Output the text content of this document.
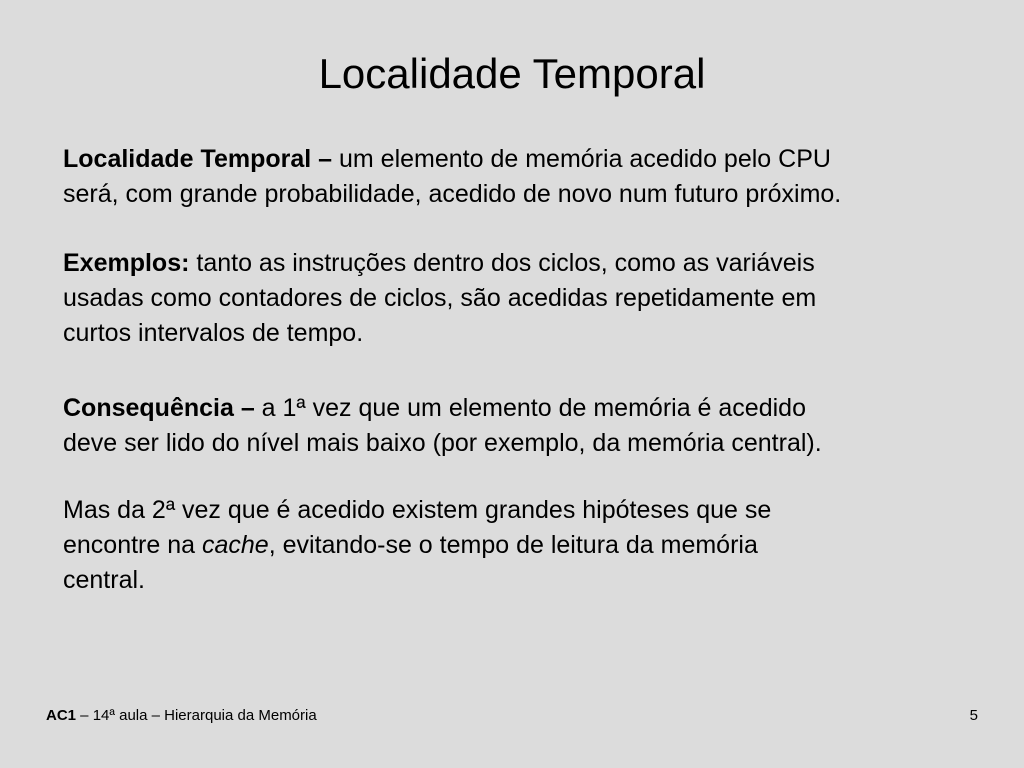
Localidade Temporal

Localidade Temporal – um elemento de memória acedido pelo CPU
será, com grande probabilidade, acedido de novo num futuro próximo.

Exemplos: tanto as instruções dentro dos ciclos, como as variáveis
usadas como contadores de ciclos, são acedidas repetidamente em
curtos intervalos de tempo.

Consequência – a 1ª vez que um elemento de memória é acedido
deve ser lido do nível mais baixo (por exemplo, da memória central).

Mas da 2ª vez que é acedido existem grandes hipóteses que se
encontre na cache, evitando-se o tempo de leitura da memória
central.

AC1 – 14ª aula – Hierarquia da Memória	5
